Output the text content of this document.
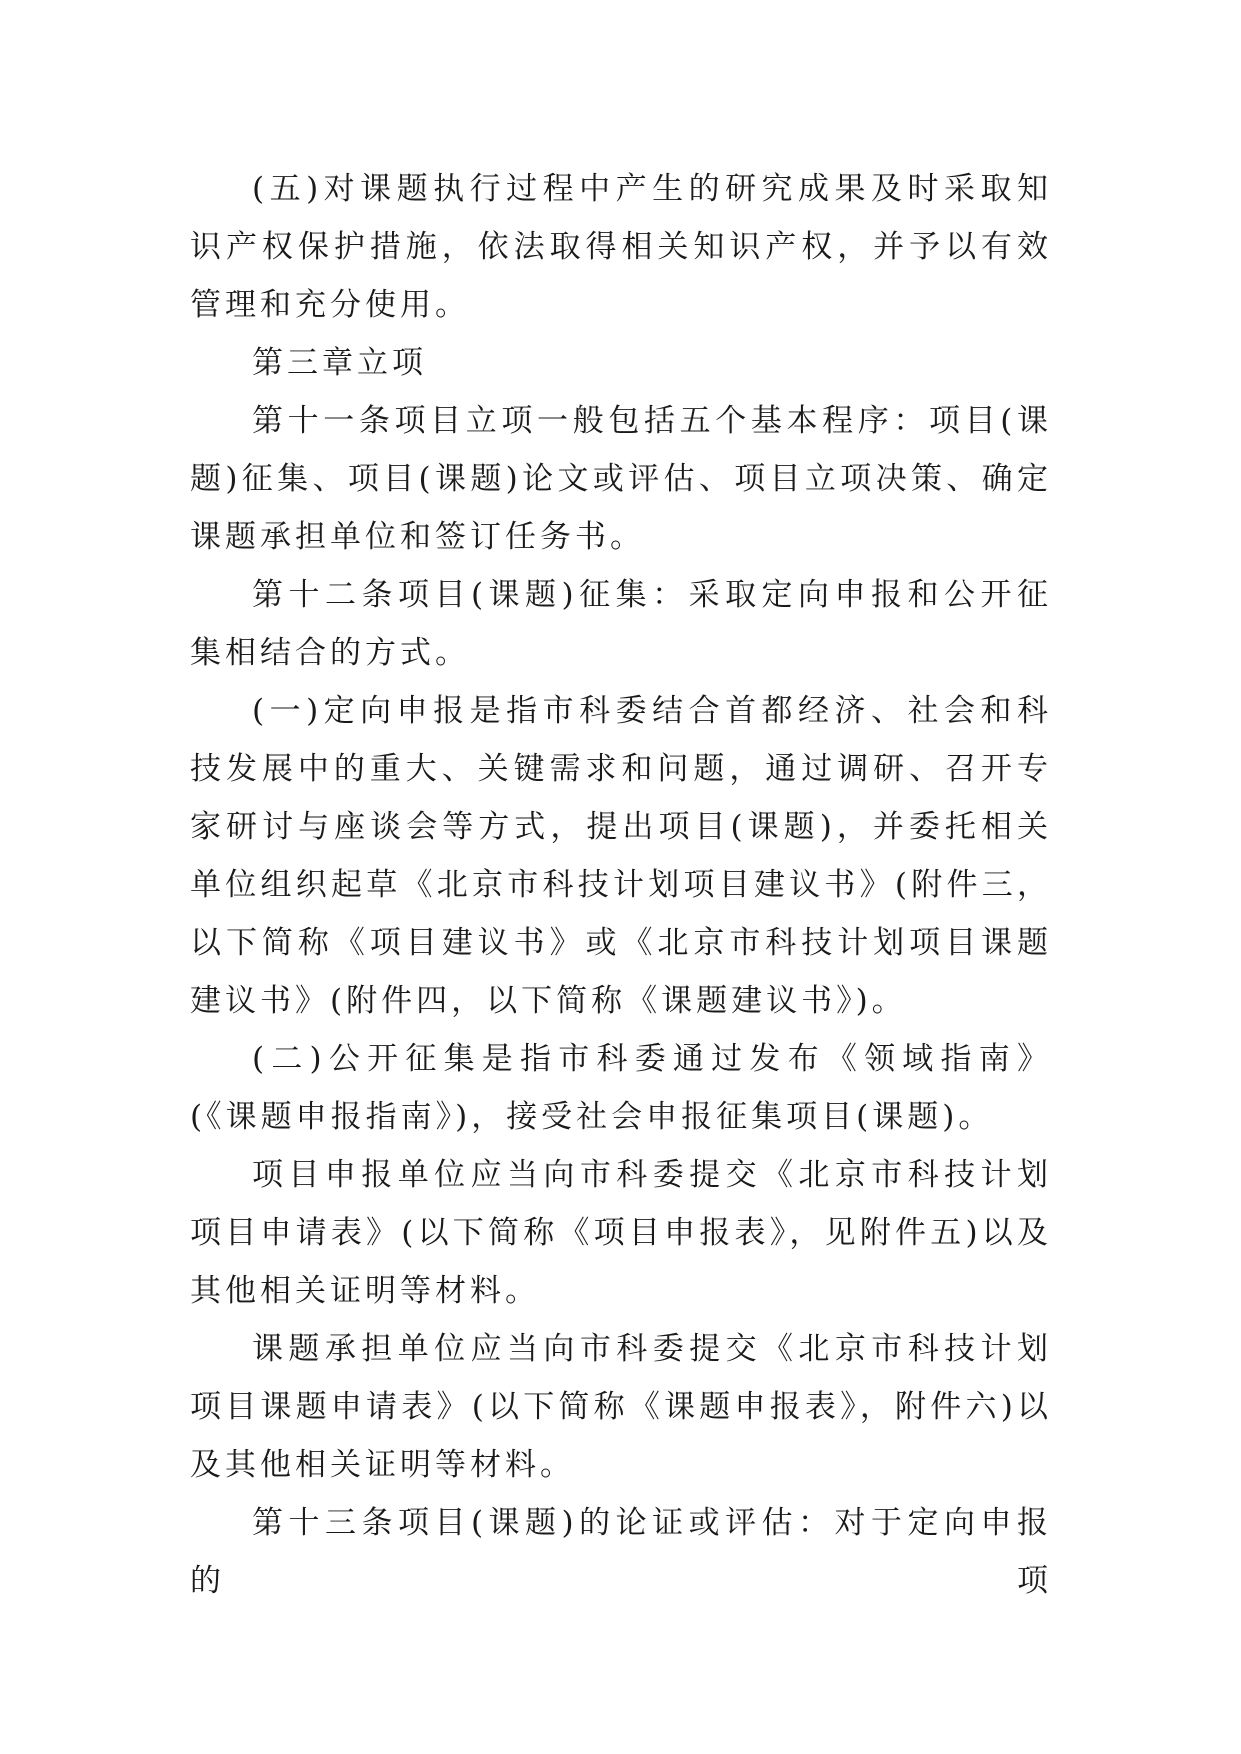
(五)对课题执行过程中产生的研究成果及时采取知识产权保护措施，依法取得相关知识产权，并予以有效管理和充分使用。

第三章立项

第十一条项目立项一般包括五个基本程序：项目(课题)征集、项目(课题)论文或评估、项目立项决策、确定课题承担单位和签订任务书。

第十二条项目(课题)征集：采取定向申报和公开征集相结合的方式。

(一)定向申报是指市科委结合首都经济、社会和科技发展中的重大、关键需求和问题，通过调研、召开专家研讨与座谈会等方式，提出项目(课题)，并委托相关单位组织起草《北京市科技计划项目建议书》(附件三，以下简称《项目建议书》或《北京市科技计划项目课题建议书》(附件四，以下简称《课题建议书》)。

(二)公开征集是指市科委通过发布《领域指南》(《课题申报指南》)，接受社会申报征集项目(课题)。

项目申报单位应当向市科委提交《北京市科技计划项目申请表》(以下简称《项目申报表》，见附件五)以及其他相关证明等材料。

课题承担单位应当向市科委提交《北京市科技计划项目课题申请表》(以下简称《课题申报表》，附件六)以及其他相关证明等材料。

第十三条项目(课题)的论证或评估：对于定向申报的项
